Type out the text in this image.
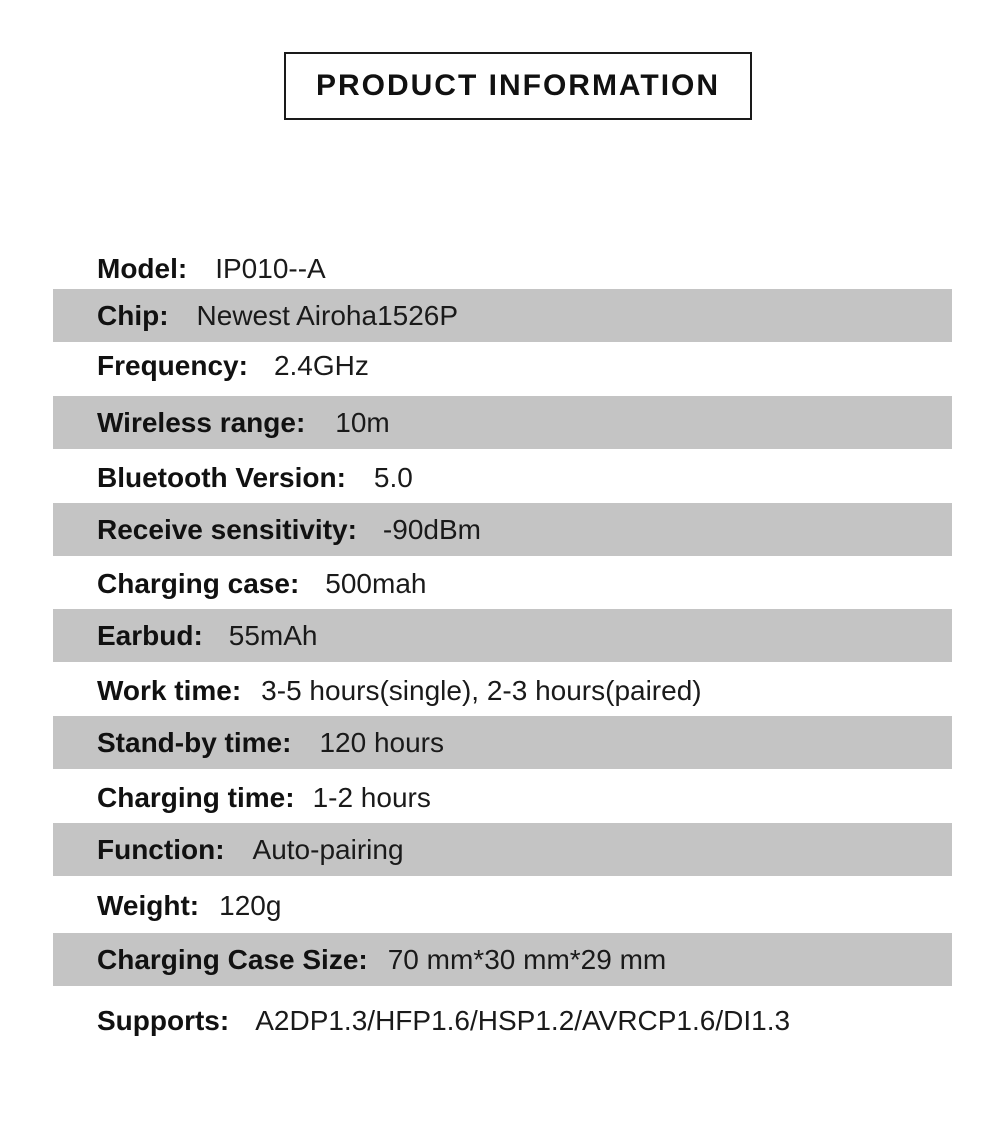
PRODUCT INFORMATION
Model: IP010--A
Chip: Newest Airoha1526P
Frequency: 2.4GHz
Wireless range: 10m
Bluetooth Version: 5.0
Receive sensitivity: -90dBm
Charging case: 500mah
Earbud: 55mAh
Work time: 3-5 hours(single), 2-3 hours(paired)
Stand-by time: 120 hours
Charging time: 1-2 hours
Function: Auto-pairing
Weight: 120g
Charging Case Size: 70 mm*30 mm*29 mm
Supports: A2DP1.3/HFP1.6/HSP1.2/AVRCP1.6/DI1.3
